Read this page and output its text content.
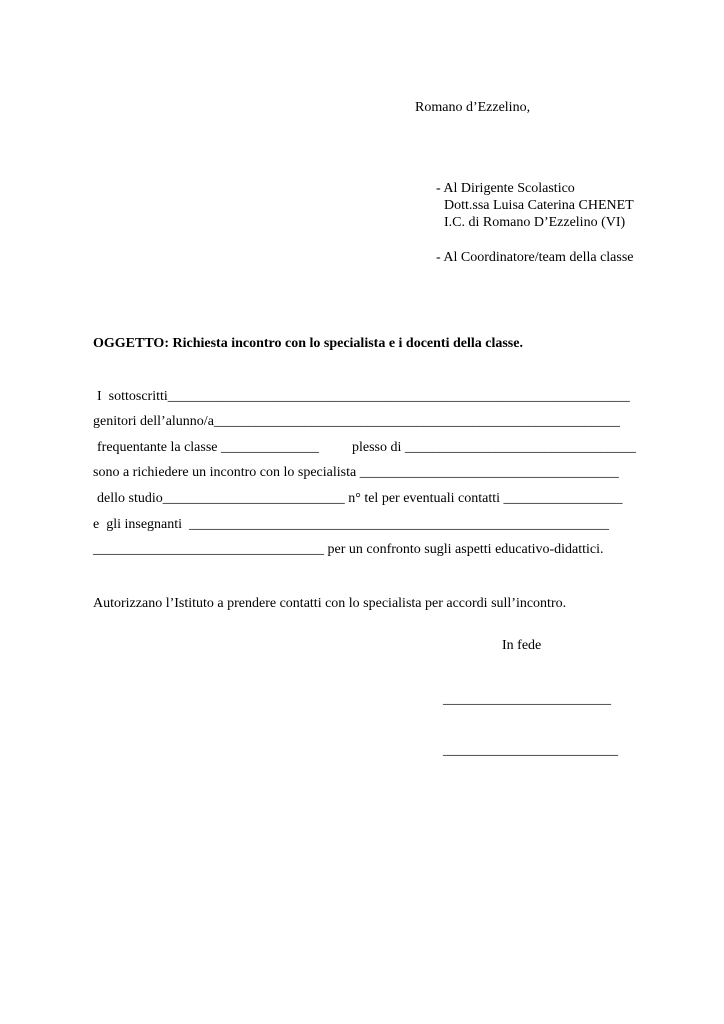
Romano d’Ezzelino,
- Al Dirigente Scolastico
Dott.ssa Luisa Caterina CHENET
I.C. di Romano D’Ezzelino (VI)
- Al Coordinatore/team della classe
OGGETTO: Richiesta incontro con lo specialista e i docenti della classe.
I  sottoscritti__________________________________________________________________
genitori dell’alunno/a__________________________________________________________
frequentante la classe ______________ plesso di _________________________________
sono a richiedere un incontro con lo specialista _____________________________________
dello studio__________________________ n° tel per eventuali contatti _________________
e  gli insegnanti  ____________________________________________________________
_________________________________ per un confronto sugli aspetti educativo-didattici.
Autorizzano l’Istituto a prendere contatti con lo specialista per accordi sull’incontro.
In fede
________________________
_________________________
